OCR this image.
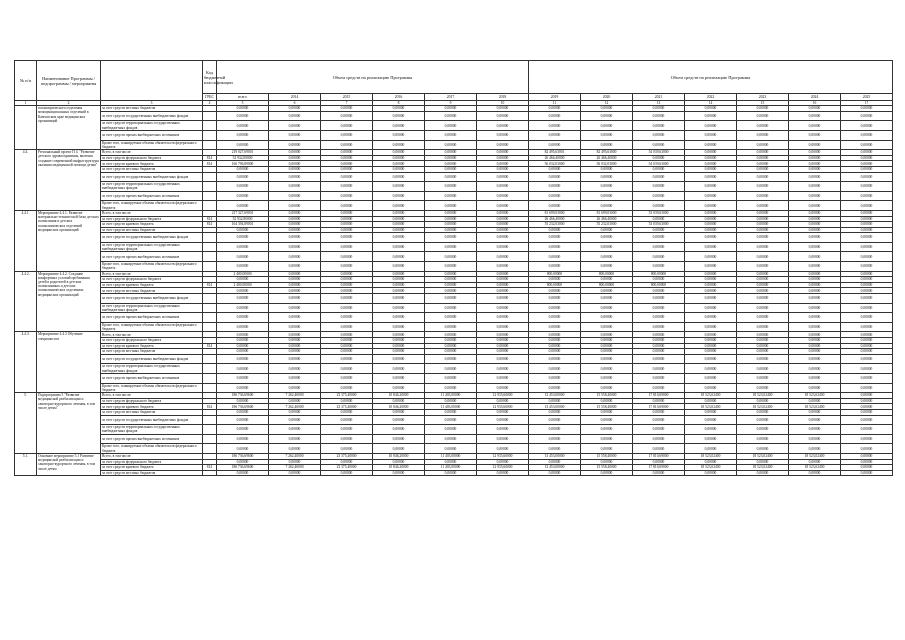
№ п/п	Наименование Программы / подпрограммы / мероприятия		Код бюджетной классификации	Объем средств на реализацию Программы						Объем средств на реализацию Программы						
			ГРБС	всего	2014	2015	2016	2017	2018	2019	2020	2021	2022	2023	2024	2025
1	2	3	4	5	6	7	8	9	10	11	12	13	14	15	16	17
	психиатрического отделения межмуниципальных отделений в Камчатском крае медицинских организаций	за счет средств местных бюджетов		0,00000	0,00000	0,00000	0,00000	0,00000	0,00000	0,00000	0,00000	0,00000	0,00000	0,00000	0,00000	0,00000
		за счет средств государственных внебюджетных фондов		0,00000	0,00000	0,00000	0,00000	0,00000	0,00000	0,00000	0,00000	0,00000	0,00000	0,00000	0,00000	0,00000
		за счет средств территориальных государственных внебюджетных фондов		0,00000	0,00000	0,00000	0,00000	0,00000	0,00000	0,00000	0,00000	0,00000	0,00000	0,00000	0,00000	0,00000
		за счет средств прочих внебюджетных источников		0,00000	0,00000	0,00000	0,00000	0,00000	0,00000	0,00000	0,00000	0,00000	0,00000	0,00000	0,00000	0,00000
		Кроме того, планируемые объемы обязательств федерального бюджета		0,00000	0,00000	0,00000	0,00000	0,00000	0,00000	0,00000	0,00000	0,00000	0,00000	0,00000	0,00000	0,00000
4.4.	Региональный проект П 4. "Развитие детского здравоохранения, включая создание современной инфраструктуры оказания медицинской помощи детям"	Всего, в том числе:		219 027,69001	0,00000	0,00000	0,00000	0,00000	0,00000	82 495,63001	82 495,63000	54 039,63000	0,00000	0,00000	0,00000	0,00000
		за счет средств федерального бюджета	814	52 932,00000	0,00000	0,00000	0,00000	0,00000	0,00000	26 466,40000	26 466,40000	0,00000	0,00000	0,00000	0,00000	0,00000
		за счет средств краевого бюджета	814	166 796,89000	0,00000	0,00000	0,00000	0,00000	0,00000	56 032,03000	56 032,03000	54 039,63000	0,00000	0,00000	0,00000	0,00000
		за счет средств местных бюджетов		0,00000	0,00000	0,00000	0,00000	0,00000	0,00000	0,00000	0,00000	0,00000	0,00000	0,00000	0,00000	0,00000
		за счет средств государственных внебюджетных фондов		0,00000	0,00000	0,00000	0,00000	0,00000	0,00000	0,00000	0,00000	0,00000	0,00000	0,00000	0,00000	0,00000
		за счет средств территориальных государственных внебюджетных фондов		0,00000	0,00000	0,00000	0,00000	0,00000	0,00000	0,00000	0,00000	0,00000	0,00000	0,00000	0,00000	0,00000
		за счет средств прочих внебюджетных источников		0,00000	0,00000	0,00000	0,00000	0,00000	0,00000	0,00000	0,00000	0,00000	0,00000	0,00000	0,00000	0,00000
		Кроме того, планируемые объемы обязательств федерального бюджета		0,00000	0,00000	0,00000	0,00000	0,00000	0,00000	0,00000	0,00000	0,00000	0,00000	0,00000	0,00000	0,00000
4.4.1.	Мероприятие 4.4.1. Развитие материально-технической базы детских поликлиник и детских поликлинических отделений медицинских организаций	Всего, в том числе:		217 327,69001	0,00000	0,00000	0,00000	0,00000	0,00000	81 699,03000	81 699,03000	53 039,63000	0,00000	0,00000	0,00000	0,00000
		за счет средств федерального бюджета	814	52 932,80000	0,00000	0,00000	0,00000	0,00000	0,00000	26 466,40000	26 466,40000	0,00000	0,00000	0,00000	0,00000	0,00000
		за счет средств краевого бюджета	814	164 394,89001	0,00000	0,00000	0,00000	0,00000	0,00000	55 232,03000	55 232,03000	53 039,63000	0,00000	0,00000	0,00000	0,00000
		за счет средств местных бюджетов		0,00000	0,00000	0,00000	0,00000	0,00000	0,00000	0,00000	0,00000	0,00000	0,00000	0,00000	0,00000	0,00000
		за счет средств государственных внебюджетных фондов		0,00000	0,00000	0,00000	0,00000	0,00000	0,00000	0,00000	0,00000	0,00000	0,00000	0,00000	0,00000	0,00000
		за счет средств территориальных государственных внебюджетных фондов		0,00000	0,00000	0,00000	0,00000	0,00000	0,00000	0,00000	0,00000	0,00000	0,00000	0,00000	0,00000	0,00000
		за счет средств прочих внебюджетных источников		0,00000	0,00000	0,00000	0,00000	0,00000	0,00000	0,00000	0,00000	0,00000	0,00000	0,00000	0,00000	0,00000
		Кроме того, планируемые объемы обязательств федерального бюджета		0,00000	0,00000	0,00000	0,00000	0,00000	0,00000	0,00000	0,00000	0,00000	0,00000	0,00000	0,00000	0,00000
4.4.2.	Мероприятие 4.4.2. Создание комфортных условий пребывания детей в родителей в детских поликлиниках и детских поликлинических отделениях медицинских организаций	Всего, в том числе:		2 400,00000	0,00000	0,00000	0,00000	0,00000	0,00000	800,00000	800,00000	800,00000	0,00000	0,00000	0,00000	0,00000
		за счет средств федерального бюджета		0,00000	0,00000	0,00000	0,00000	0,00000	0,00000	0,00000	0,00000	0,00000	0,00000	0,00000	0,00000	0,00000
		за счет средств краевого бюджета	814	2 400,00000	0,00000	0,00000	0,00000	0,00000	0,00000	800,00000	800,00000	800,00000	0,00000	0,00000	0,00000	0,00000
		за счет средств местных бюджетов		0,00000	0,00000	0,00000	0,00000	0,00000	0,00000	0,00000	0,00000	0,00000	0,00000	0,00000	0,00000	0,00000
		за счет средств государственных внебюджетных фондов		0,00000	0,00000	0,00000	0,00000	0,00000	0,00000	0,00000	0,00000	0,00000	0,00000	0,00000	0,00000	0,00000
		за счет средств территориальных государственных внебюджетных фондов		0,00000	0,00000	0,00000	0,00000	0,00000	0,00000	0,00000	0,00000	0,00000	0,00000	0,00000	0,00000	0,00000
		за счет средств прочих внебюджетных источников		0,00000	0,00000	0,00000	0,00000	0,00000	0,00000	0,00000	0,00000	0,00000	0,00000	0,00000	0,00000	0,00000
		Кроме того, планируемые объемы обязательств федерального бюджета		0,00000	0,00000	0,00000	0,00000	0,00000	0,00000	0,00000	0,00000	0,00000	0,00000	0,00000	0,00000	0,00000
4.4.3.	Мероприятие 4.4.3 Обучение специалистов	Всего, в том числе:		0,00000	0,00000	0,00000	0,00000	0,00000	0,00000	0,00000	0,00000	0,00000	0,00000	0,00000	0,00000	0,00000
		за счет средств федерального бюджета		0,00000	0,00000	0,00000	0,00000	0,00000	0,00000	0,00000	0,00000	0,00000	0,00000	0,00000	0,00000	0,00000
		за счет средств краевого бюджета	814	0,00000	0,00000	0,00000	0,00000	0,00000	0,00000	0,00000	0,00000	0,00000	0,00000	0,00000	0,00000	0,00000
		за счет средств местных бюджетов		0,00000	0,00000	0,00000	0,00000	0,00000	0,00000	0,00000	0,00000	0,00000	0,00000	0,00000	0,00000	0,00000
		за счет средств государственных внебюджетных фондов		0,00000	0,00000	0,00000	0,00000	0,00000	0,00000	0,00000	0,00000	0,00000	0,00000	0,00000	0,00000	0,00000
		за счет средств территориальных государственных внебюджетных фондов		0,00000	0,00000	0,00000	0,00000	0,00000	0,00000	0,00000	0,00000	0,00000	0,00000	0,00000	0,00000	0,00000
		за счет средств прочих внебюджетных источников		0,00000	0,00000	0,00000	0,00000	0,00000	0,00000	0,00000	0,00000	0,00000	0,00000	0,00000	0,00000	0,00000
		Кроме того, планируемые объемы обязательств федерального бюджета		0,00000	0,00000	0,00000	0,00000	0,00000	0,00000	0,00000	0,00000	0,00000	0,00000	0,00000	0,00000	0,00000
5.	Подпрограмма 5 "Развитие медицинской реабилитации и санаторно-курортного лечения, в том числе детям"	Всего, в том числе:		186 736,69600	7 262,40000	23 375,40000	10 846,20000	11 403,00000	12 935,60000	13 453,00000	15 558,40000	17 810,69000	18 523,02400	18 523,02400	18 523,02400	0,00000
		за счет средств федерального бюджета		0,00000	0,00000	0,00000	0,00000	0,00000	0,00000	0,00000	0,00000	0,00000	0,00000	0,00000	0,00000	0,00000
		за счет средств краевого бюджета	814	186 736,69600	7 262,40000	23 375,40000	10 846,20000	11 403,00000	12 935,60000	13 453,00000	15 558,40000	17 810,69000	18 523,02400	18 523,02400	18 523,02400	0,00000
		за счет средств местных бюджетов		0,00000	0,00000	0,00000	0,00000	0,00000	0,00000	0,00000	0,00000	0,00000	0,00000	0,00000	0,00000	0,00000
		за счет средств государственных внебюджетных фондов		0,00000	0,00000	0,00000	0,00000	0,00000	0,00000	0,00000	0,00000	0,00000	0,00000	0,00000	0,00000	0,00000
		за счет средств территориальных государственных внебюджетных фондов		0,00000	0,00000	0,00000	0,00000	0,00000	0,00000	0,00000	0,00000	0,00000	0,00000	0,00000	0,00000	0,00000
		за счет средств прочих внебюджетных источников		0,00000	0,00000	0,00000	0,00000	0,00000	0,00000	0,00000	0,00000	0,00000	0,00000	0,00000	0,00000	0,00000
		Кроме того, планируемые объемы обязательств федерального бюджета		0,00000	0,00000	0,00000	0,00000	0,00000	0,00000	0,00000	0,00000	0,00000	0,00000	0,00000	0,00000	0,00000
5.1.	Основное мероприятие 5.1 Развитие медицинской реабилитации и санаторно-курортного лечения, в том числе детям	Всего, в том числе:		186 736,69600	7 262,40000	23 375,40000	10 846,20000	11 403,00000	12 935,60000	13 453,00000	15 558,40000	17 810,69000	18 523,02400	18 523,02400	18 523,02400	0,00000
		за счет средств федерального бюджета		0,00000	0,00000	0,00000	0,00000	0,00000	0,00000	0,00000	0,00000	0,00000	0,00000	0,00000	0,00000	0,00000
		за счет средств краевого бюджета	814	186 736,69600	7 262,40000	23 375,40000	10 846,20000	11 403,00000	12 935,60000	13 453,00000	15 558,40000	17 810,69000	18 523,02400	18 523,02400	18 523,02400	0,00000
		за счет средств местных бюджетов		0,00000	0,00000	0,00000	0,00000	0,00000	0,00000	0,00000	0,00000	0,00000	0,00000	0,00000	0,00000	0,00000
